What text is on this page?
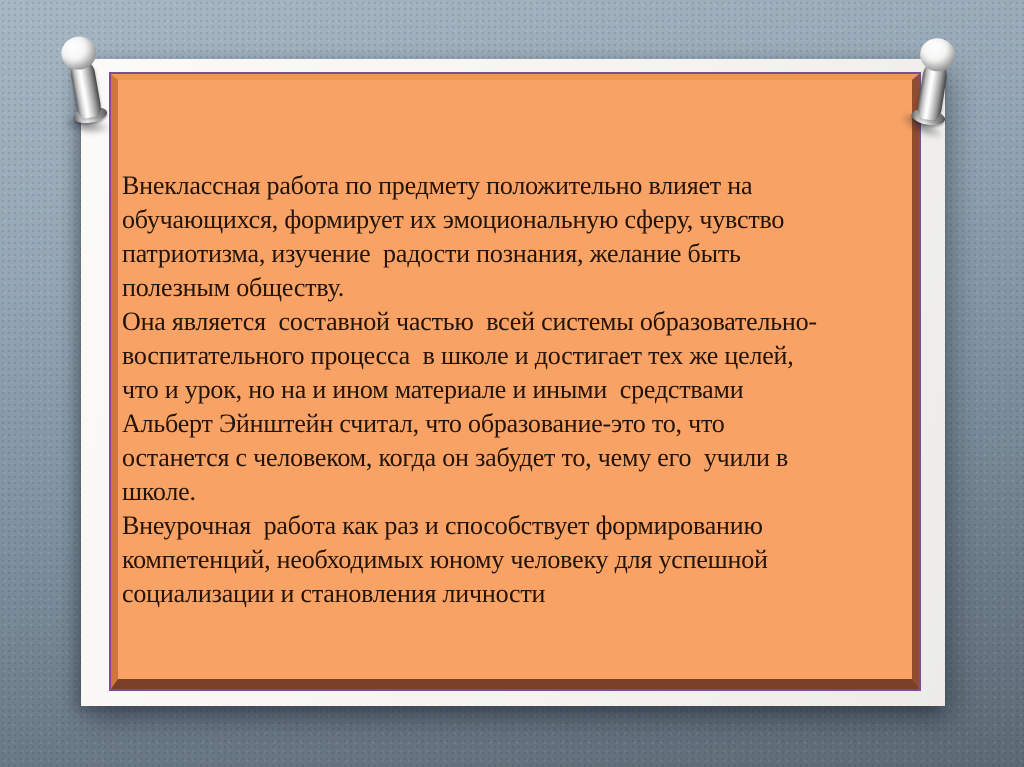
Внеклассная работа по предмету положительно влияет на
обучающихся, формирует их эмоциональную сферу, чувство
патриотизма, изучение  радости познания, желание быть
полезным обществу.
Она является  составной частью  всей системы образовательно-
воспитательного процесса  в школе и достигает тех же целей,
что и урок, но на и ином материале и иными  средствами
Альберт Эйнштейн считал, что образование-это то, что
останется с человеком, когда он забудет то, чему его  учили в
школе.
Внеурочная  работа как раз и способствует формированию
компетенций, необходимых юному человеку для успешной
социализации и становления личности
